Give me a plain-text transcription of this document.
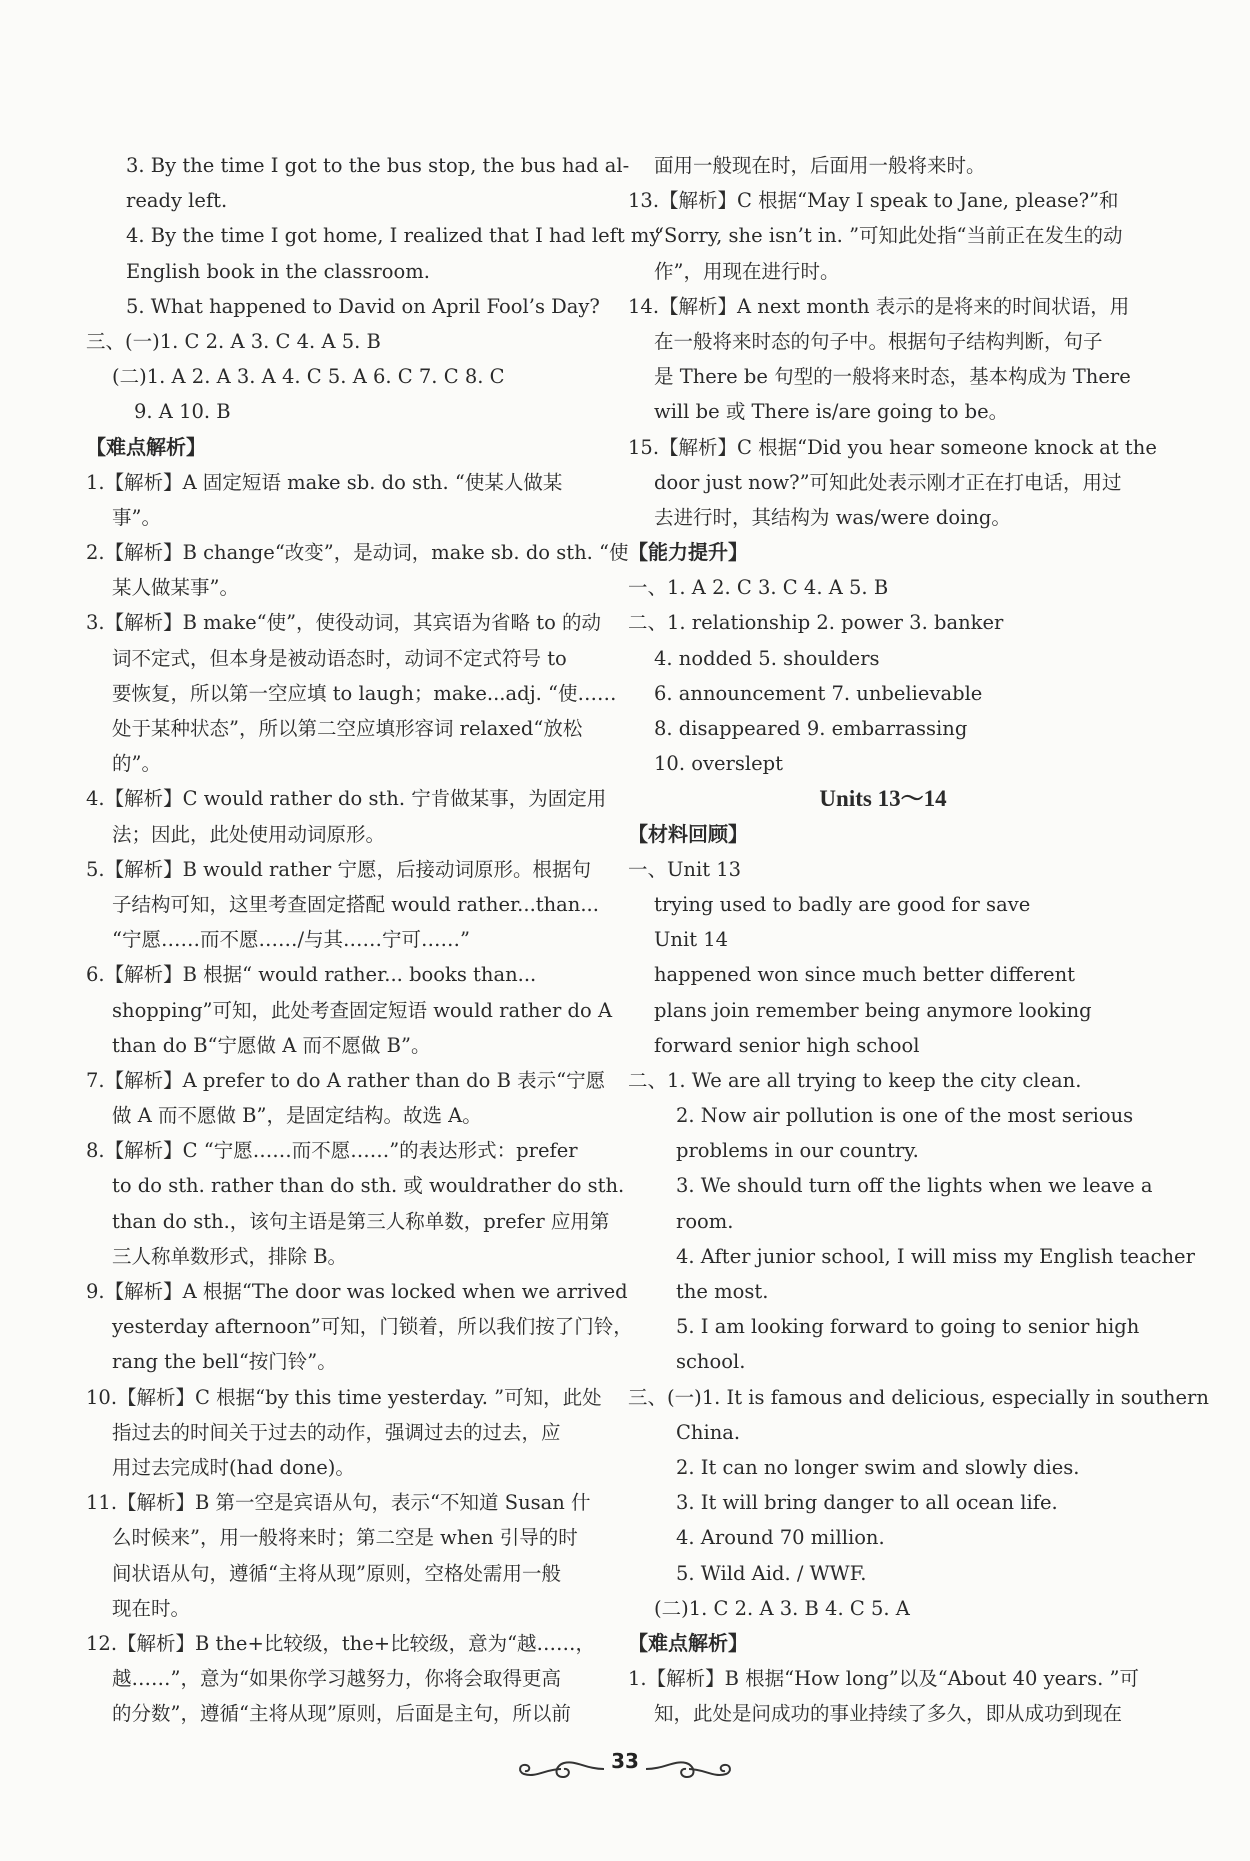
3. By the time I got to the bus stop, the bus had al-
ready left.
4. By the time I got home, I realized that I had left my
English book in the classroom.
5. What happened to David on April Fool’s Day?
三、(一)1. C 2. A 3. C 4. A 5. B
(二)1. A 2. A 3. A 4. C 5. A 6. C 7. C 8. C
9. A 10. B
【难点解析】
1.【解析】A 固定短语 make sb. do sth. “使某人做某
事”。
2.【解析】B change“改变”，是动词，make sb. do sth. “使
某人做某事”。
3.【解析】B make“使”，使役动词，其宾语为省略 to 的动
词不定式，但本身是被动语态时，动词不定式符号 to
要恢复，所以第一空应填 to laugh；make...adj. “使……
处于某种状态”，所以第二空应填形容词 relaxed“放松
的”。
4.【解析】C would rather do sth. 宁肯做某事，为固定用
法；因此，此处使用动词原形。
5.【解析】B would rather 宁愿，后接动词原形。根据句
子结构可知，这里考查固定搭配 would rather...than...
“宁愿……而不愿……/与其……宁可……”
6.【解析】B 根据“ would rather... books than...
shopping”可知，此处考查固定短语 would rather do A
than do B“宁愿做 A 而不愿做 B”。
7.【解析】A prefer to do A rather than do B 表示“宁愿
做 A 而不愿做 B”，是固定结构。故选 A。
8.【解析】C “宁愿……而不愿……”的表达形式：prefer
to do sth. rather than do sth. 或 wouldrather do sth.
than do sth.，该句主语是第三人称单数，prefer 应用第
三人称单数形式，排除 B。
9.【解析】A 根据“The door was locked when we arrived
yesterday afternoon”可知，门锁着，所以我们按了门铃，
rang the bell“按门铃”。
10.【解析】C 根据“by this time yesterday. ”可知，此处
指过去的时间关于过去的动作，强调过去的过去，应
用过去完成时(had done)。
11.【解析】B 第一空是宾语从句，表示“不知道 Susan 什
么时候来”，用一般将来时；第二空是 when 引导的时
间状语从句，遵循“主将从现”原则，空格处需用一般
现在时。
12.【解析】B the+比较级，the+比较级，意为“越……，
越……”，意为“如果你学习越努力，你将会取得更高
的分数”，遵循“主将从现”原则，后面是主句，所以前
面用一般现在时，后面用一般将来时。
13.【解析】C 根据“May I speak to Jane, please?”和
“Sorry, she isn’t in. ”可知此处指“当前正在发生的动
作”，用现在进行时。
14.【解析】A next month 表示的是将来的时间状语，用
在一般将来时态的句子中。根据句子结构判断，句子
是 There be 句型的一般将来时态，基本构成为 There
will be 或 There is/are going to be。
15.【解析】C 根据“Did you hear someone knock at the
door just now?”可知此处表示刚才正在打电话，用过
去进行时，其结构为 was/were doing。
【能力提升】
一、1. A 2. C 3. C 4. A 5. B
二、1. relationship 2. power 3. banker
4. nodded 5. shoulders
6. announcement 7. unbelievable
8. disappeared 9. embarrassing
10. overslept
Units 13～14
【材料回顾】
一、Unit 13
trying used to badly are good for save
Unit 14
happened won since much better different
plans join remember being anymore looking
forward senior high school
二、1. We are all trying to keep the city clean.
2. Now air pollution is one of the most serious
problems in our country.
3. We should turn off the lights when we leave a
room.
4. After junior school, I will miss my English teacher
the most.
5. I am looking forward to going to senior high
school.
三、(一)1. It is famous and delicious, especially in southern
China.
2. It can no longer swim and slowly dies.
3. It will bring danger to all ocean life.
4. Around 70 million.
5. Wild Aid. / WWF.
(二)1. C 2. A 3. B 4. C 5. A
【难点解析】
1.【解析】B 根据“How long”以及“About 40 years. ”可
知，此处是问成功的事业持续了多久，即从成功到现在
33
